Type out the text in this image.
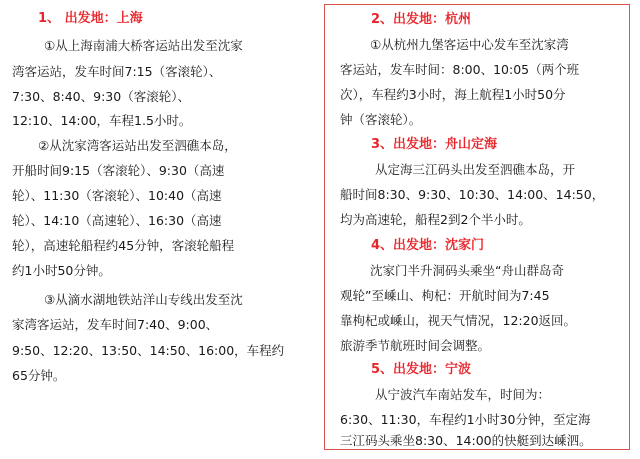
1、 出发地：上海
①从上海南浦大桥客运站出发至沈家
湾客运站，发车时间7:15（客滚轮）、
7:30、8:40、9:30（客滚轮）、
12:10、14:00，车程1.5小时。
②从沈家湾客运站出发至泗礁本岛，
开船时间9:15（客滚轮）、9:30（高速
轮）、11:30（客滚轮）、10:40（高速
轮）、14:10（高速轮）、16:30（高速
轮），高速轮船程约45分钟，客滚轮船程
约1小时50分钟。
③从滴水湖地铁站洋山专线出发至沈
家湾客运站，发车时间7:40、9:00、
9:50、12:20、13:50、14:50、16:00，车程约
65分钟。
2、出发地：杭州
①从杭州九堡客运中心发车至沈家湾
客运站，发车时间：8:00、10:05（两个班
次），车程约3小时，海上航程1小时50分
钟（客滚轮）。
3、出发地：舟山定海
从定海三江码头出发至泗礁本岛，开
船时间8:30、9:30、10:30、14:00、14:50，
均为高速轮，船程2到2个半小时。
4、出发地：沈家门
沈家门半升洞码头乘坐“舟山群岛奇
观轮”至嵊山、枸杞：开航时间为7:45
靠枸杞或嵊山，视天气情况，12:20返回。
旅游季节航班时间会调整。
5、出发地：宁波
从宁波汽车南站发车，时间为：
6:30、11:30，车程约1小时30分钟，至定海
三江码头乘坐8:30、14:00的快艇到达嵊泗。
